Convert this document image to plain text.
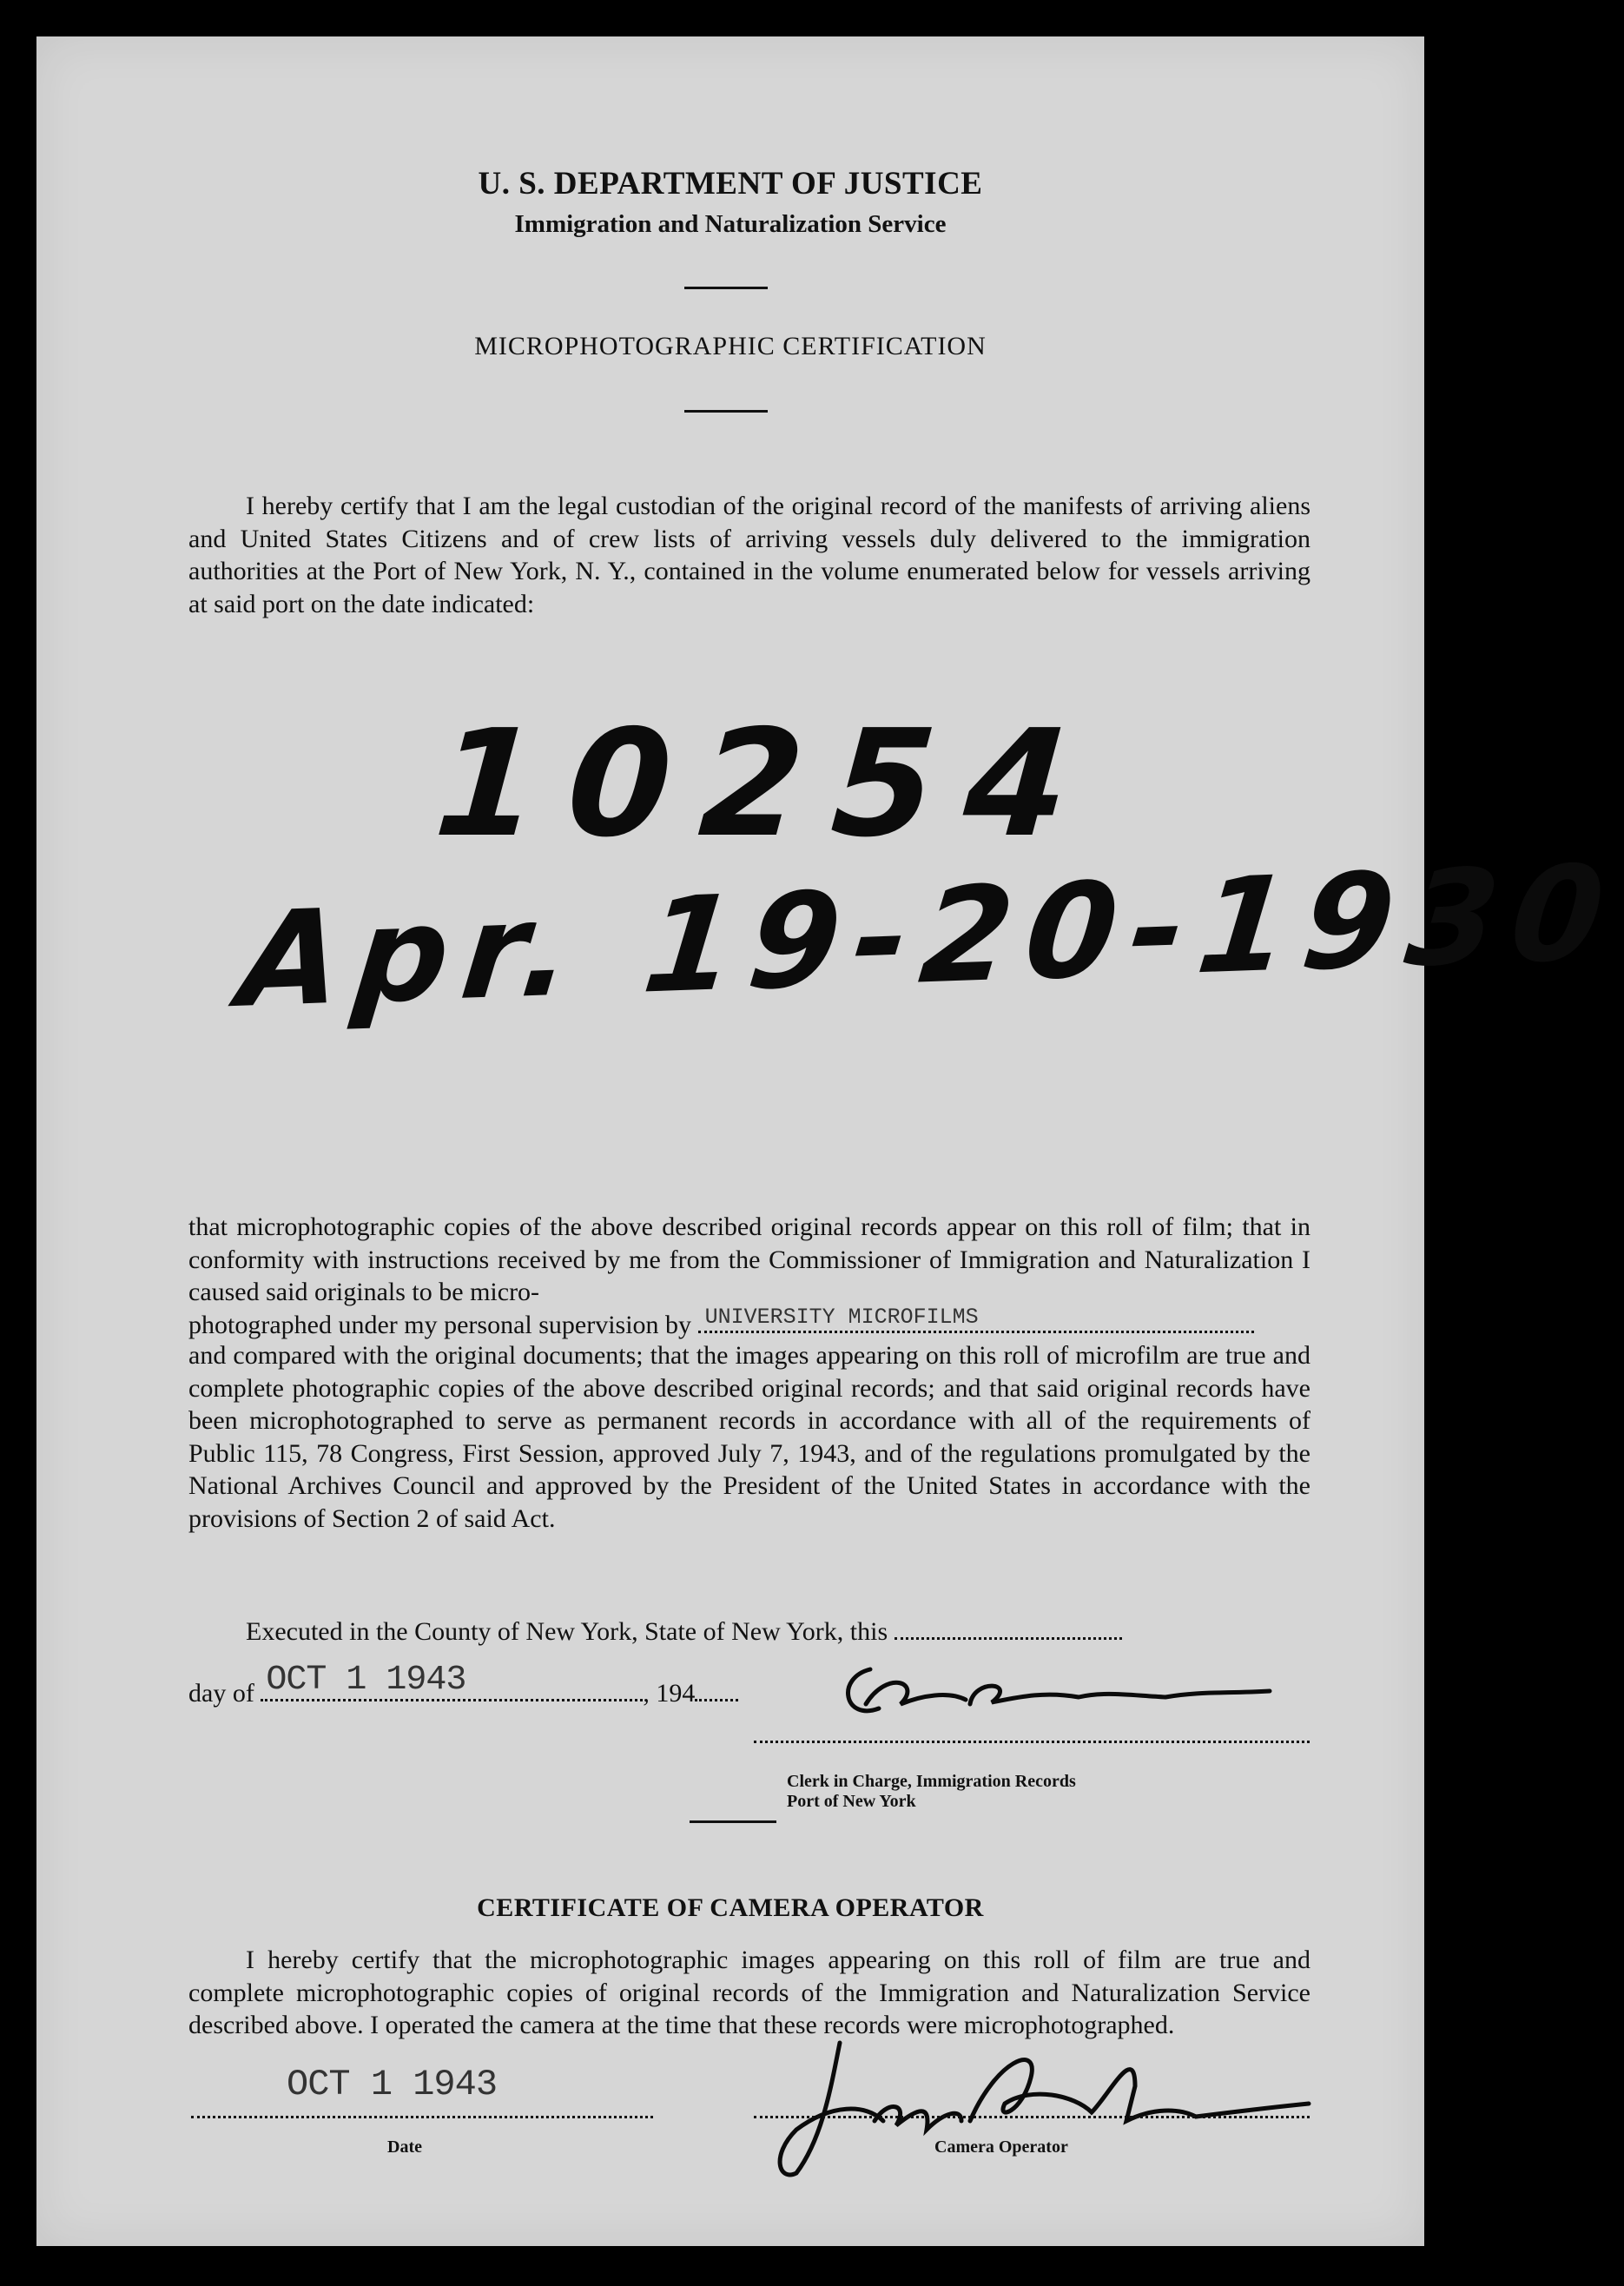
U. S. DEPARTMENT OF JUSTICE
Immigration and Naturalization Service
MICROPHOTOGRAPHIC CERTIFICATION
I hereby certify that I am the legal custodian of the original record of the manifests of arriving aliens and United States Citizens and of crew lists of arriving vessels duly delivered to the immigration authorities at the Port of New York, N. Y., contained in the volume enumerated below for vessels arriving at said port on the date indicated:
10254
Apr. 19-20-1930
that microphotographic copies of the above described original records appear on this roll of film; that in conformity with instructions received by me from the Commissioner of Immigration and Naturalization I caused said originals to be micro-
photographed under my personal supervision by UNIVERSITY MICROFILMS
and compared with the original documents; that the images appearing on this roll of microfilm are true and complete photographic copies of the above described original records; and that said original records have been microphotographed to serve as permanent records in accordance with all of the requirements of Public 115, 78 Congress, First Session, approved July 7, 1943, and of the regulations promulgated by the National Archives Council and approved by the President of the United States in accordance with the provisions of Section 2 of said Act.
Executed in the County of New York, State of New York, this
day of OCT 1 1943	, 194
Clerk in Charge, Immigration Records
Port of New York
CERTIFICATE OF CAMERA OPERATOR
I hereby certify that the microphotographic images appearing on this roll of film are true and complete microphotographic copies of original records of the Immigration and Naturalization Service described above. I operated the camera at the time that these records were microphotographed.
OCT 1 1943
Date	Camera Operator
